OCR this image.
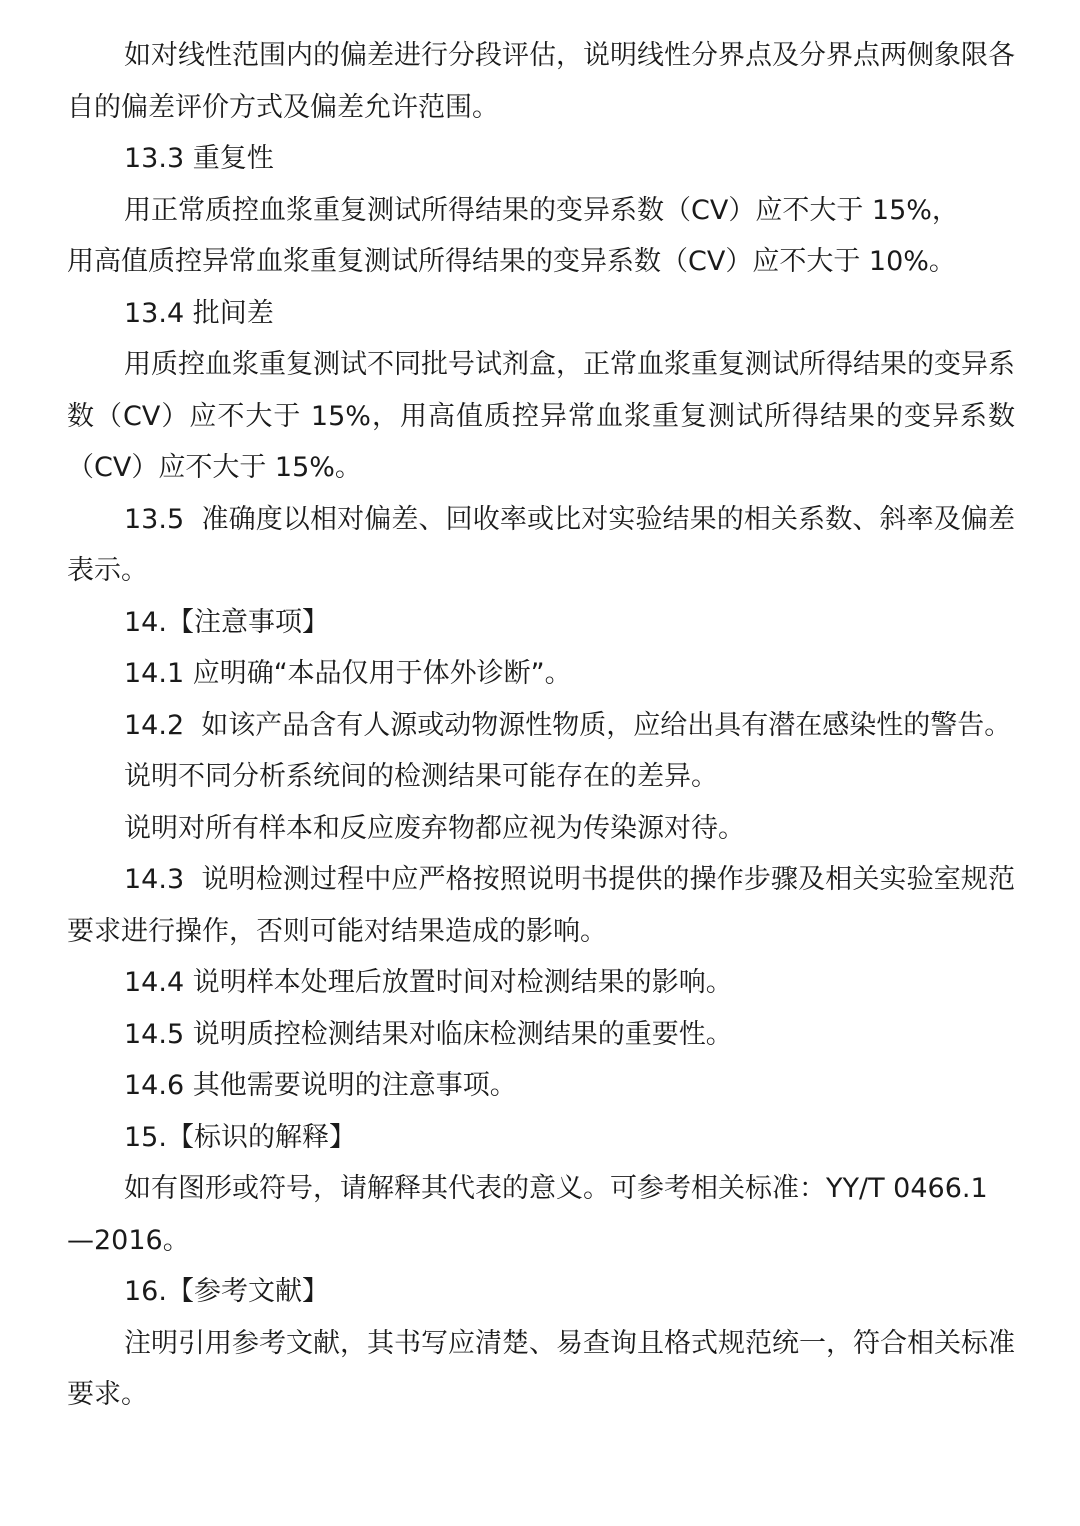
如对线性范围内的偏差进行分段评估，说明线性分界点及分界点两侧象限各自的偏差评价方式及偏差允许范围。

13.3 重复性

用正常质控血浆重复测试所得结果的变异系数（CV）应不大于 15%，
用高值质控异常血浆重复测试所得结果的变异系数（CV）应不大于 10%。

13.4 批间差

用质控血浆重复测试不同批号试剂盒，正常血浆重复测试所得结果的变异系数（CV）应不大于 15%，用高值质控异常血浆重复测试所得结果的变异系数（CV）应不大于 15%。

13.5  准确度以相对偏差、回收率或比对实验结果的相关系数、斜率及偏差表示。

14.【注意事项】

14.1 应明确“本品仅用于体外诊断”。

14.2  如该产品含有人源或动物源性物质，应给出具有潜在感染性的警告。

说明不同分析系统间的检测结果可能存在的差异。

说明对所有样本和反应废弃物都应视为传染源对待。

14.3  说明检测过程中应严格按照说明书提供的操作步骤及相关实验室规范要求进行操作，否则可能对结果造成的影响。

14.4 说明样本处理后放置时间对检测结果的影响。

14.5 说明质控检测结果对临床检测结果的重要性。

14.6 其他需要说明的注意事项。

15.【标识的解释】

如有图形或符号，请解释其代表的意义。可参考相关标准：YY/T 0466.1
—2016。

16.【参考文献】

注明引用参考文献，其书写应清楚、易查询且格式规范统一，符合相关标准要求。
